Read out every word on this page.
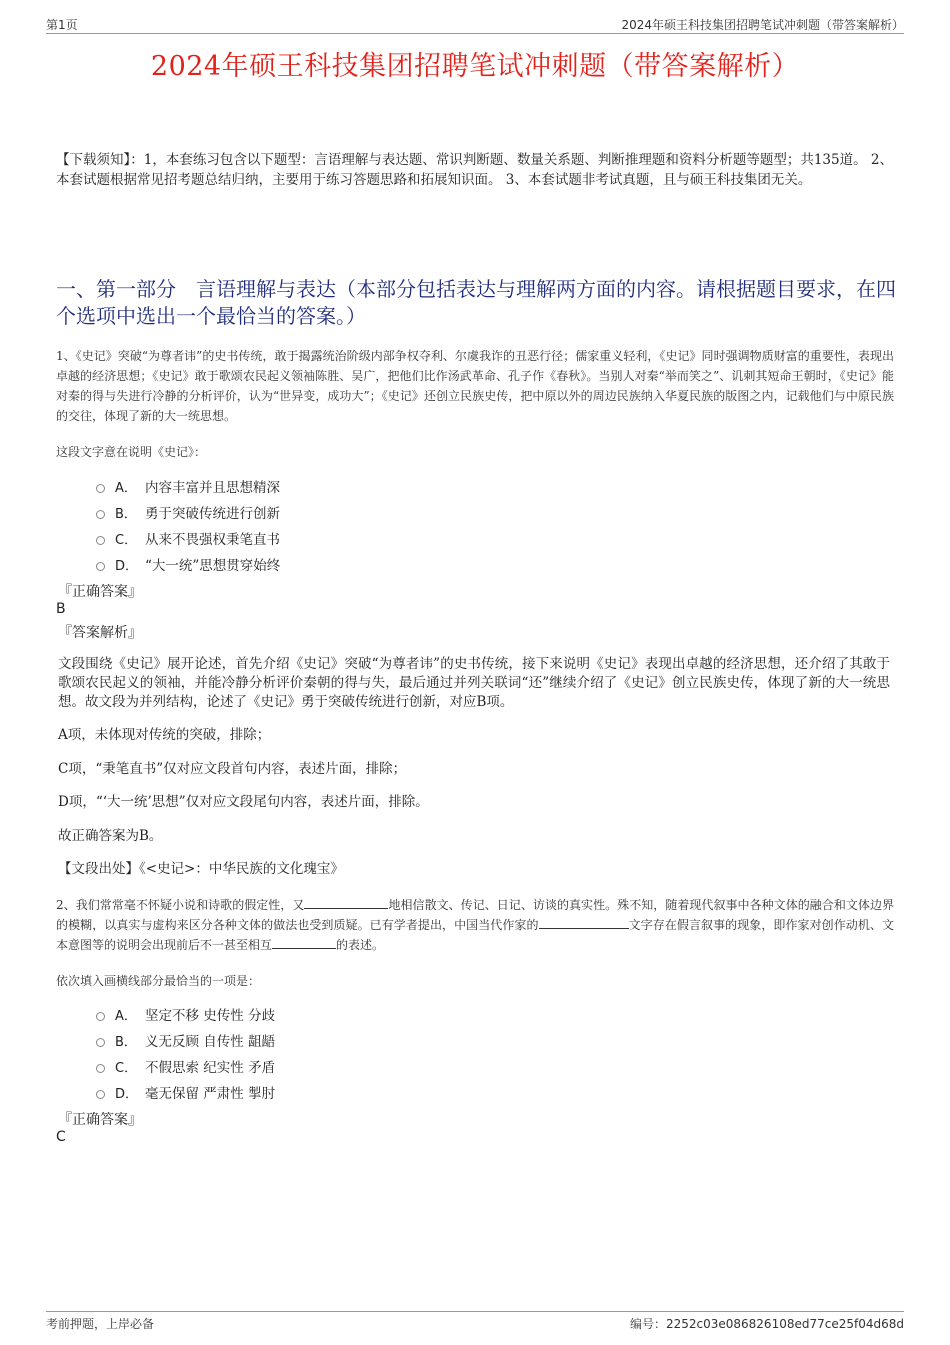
第1页	2024年硕王科技集团招聘笔试冲刺题（带答案解析）
2024年硕王科技集团招聘笔试冲刺题（带答案解析）
【下载须知】：1，本套练习包含以下题型：言语理解与表达题、常识判断题、数量关系题、判断推理题和资料分析题等题型；共135道。 2、本套试题根据常见招考题总结归纳，主要用于练习答题思路和拓展知识面。 3、本套试题非考试真题，且与硕王科技集团无关。
一、第一部分　言语理解与表达（本部分包括表达与理解两方面的内容。请根据题目要求，在四个选项中选出一个最恰当的答案。）
1、《史记》突破“为尊者讳”的史书传统，敢于揭露统治阶级内部争权夺利、尔虞我诈的丑恶行径；儒家重义轻利，《史记》同时强调物质财富的重要性，表现出卓越的经济思想；《史记》敢于歌颂农民起义领袖陈胜、吴广，把他们比作汤武革命、孔子作《春秋》。当别人对秦“举而笑之”、讥刺其短命王朝时，《史记》能对秦的得与失进行冷静的分析评价，认为“世异变，成功大”；《史记》还创立民族史传，把中原以外的周边民族纳入华夏民族的版图之内，记载他们与中原民族的交往，体现了新的大一统思想。
这段文字意在说明《史记》：
A． 内容丰富并且思想精深
B． 勇于突破传统进行创新
C． 从来不畏强权秉笔直书
D． “大一统”思想贯穿始终
『正确答案』
B
『答案解析』
文段围绕《史记》展开论述，首先介绍《史记》突破“为尊者讳”的史书传统，接下来说明《史记》表现出卓越的经济思想，还介绍了其敢于歌颂农民起义的领袖，并能冷静分析评价秦朝的得与失，最后通过并列关联词“还”继续介绍了《史记》创立民族史传，体现了新的大一统思想。故文段为并列结构，论述了《史记》勇于突破传统进行创新，对应B项。
A项，未体现对传统的突破，排除；
C项，“秉笔直书”仅对应文段首句内容，表述片面，排除；
D项，“‘大一统’思想”仅对应文段尾句内容，表述片面，排除。
故正确答案为B。
【文段出处】《<史记>：中华民族的文化瑰宝》
2、我们常常毫不怀疑小说和诗歌的假定性，又	地相信散文、传记、日记、访谈的真实性。殊不知，随着现代叙事中各种文体的融合和文体边界的模糊，以真实与虚构来区分各种文体的做法也受到质疑。已有学者提出，中国当代作家的	文字存在假言叙事的现象，即作家对创作动机、文本意图等的说明会出现前后不一甚至相互	的表述。
依次填入画横线部分最恰当的一项是：
A． 坚定不移 史传性 分歧
B． 义无反顾 自传性 龃龉
C． 不假思索 纪实性 矛盾
D． 毫无保留 严肃性 掣肘
『正确答案』
C
考前押题，上岸必备	编号：2252c03e086826108ed77ce25f04d68d
